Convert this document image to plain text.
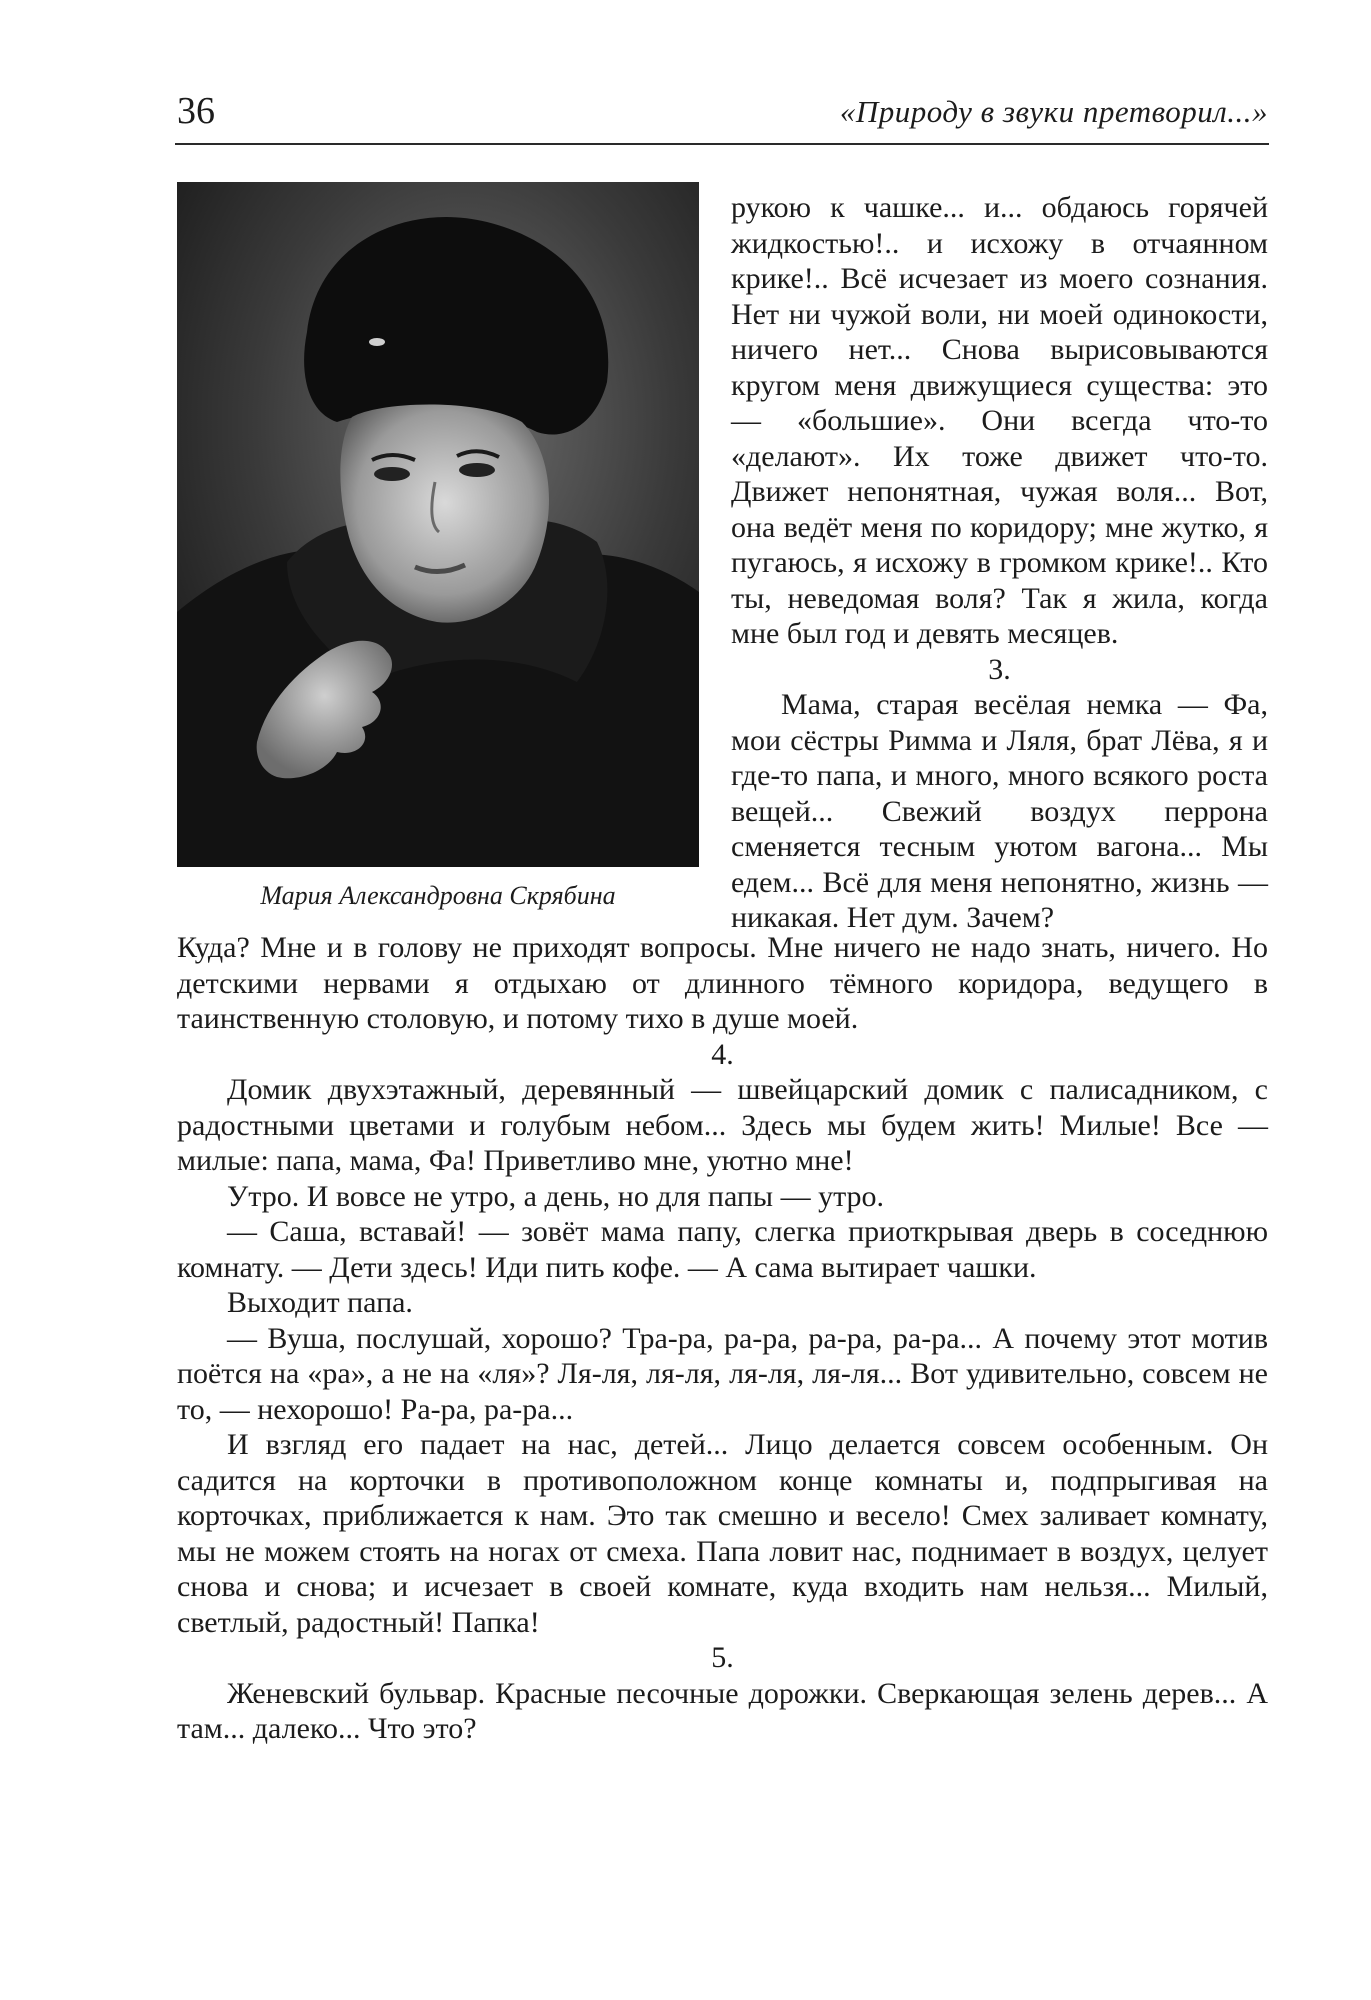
36	«Природу в звуки претворил...»
Мария Александровна Скрябина

рукою к чашке... и... обдаюсь горячей жидкостью!.. и исхожу в отчаянном крике!.. Всё исчезает из моего сознания. Нет ни чужой воли, ни моей одинокости, ничего нет... Снова вырисовываются кругом меня движущиеся существа: это — «большие». Они всегда что-то «делают». Их тоже движет что-то. Движет непонятная, чужая воля... Вот, она ведёт меня по коридору; мне жутко, я пугаюсь, я исхожу в громком крике!.. Кто ты, неведомая воля? Так я жила, когда мне был год и девять месяцев.

3.

Мама, старая весёлая немка — Фа, мои сёстры Римма и Ляля, брат Лёва, я и где-то папа, и много, много всякого роста вещей... Свежий воздух перрона сменяется тесным уютом вагона... Мы едем... Всё для меня непонятно, жизнь — никакая. Нет дум. Зачем?

Куда? Мне и в голову не приходят вопросы. Мне ничего не надо знать, ничего. Но детскими нервами я отдыхаю от длинного тёмного коридора, ведущего в таинственную столовую, и потому тихо в душе моей.

4.

Домик двухэтажный, деревянный — швейцарский домик с палисадником, с радостными цветами и голубым небом... Здесь мы будем жить! Милые! Все — милые: папа, мама, Фа! Приветливо мне, уютно мне!

Утро. И вовсе не утро, а день, но для папы — утро.

— Саша, вставай! — зовёт мама папу, слегка приоткрывая дверь в соседнюю комнату. — Дети здесь! Иди пить кофе. — А сама вытирает чашки.

Выходит папа.

— Вуша, послушай, хорошо? Тра-ра, ра-ра, ра-ра, ра-ра... А почему этот мотив поётся на «ра», а не на «ля»? Ля-ля, ля-ля, ля-ля, ля-ля... Вот удивительно, совсем не то, — нехорошо! Ра-ра, ра-ра...

И взгляд его падает на нас, детей... Лицо делается совсем особенным. Он садится на корточки в противоположном конце комнаты и, подпрыгивая на корточках, приближается к нам. Это так смешно и весело! Смех заливает комнату, мы не можем стоять на ногах от смеха. Папа ловит нас, поднимает в воздух, целует снова и снова; и исчезает в своей комнате, куда входить нам нельзя... Милый, светлый, радостный! Папка!

5.

Женевский бульвар. Красные песочные дорожки. Сверкающая зелень дерев... А там... далеко... Что это?
